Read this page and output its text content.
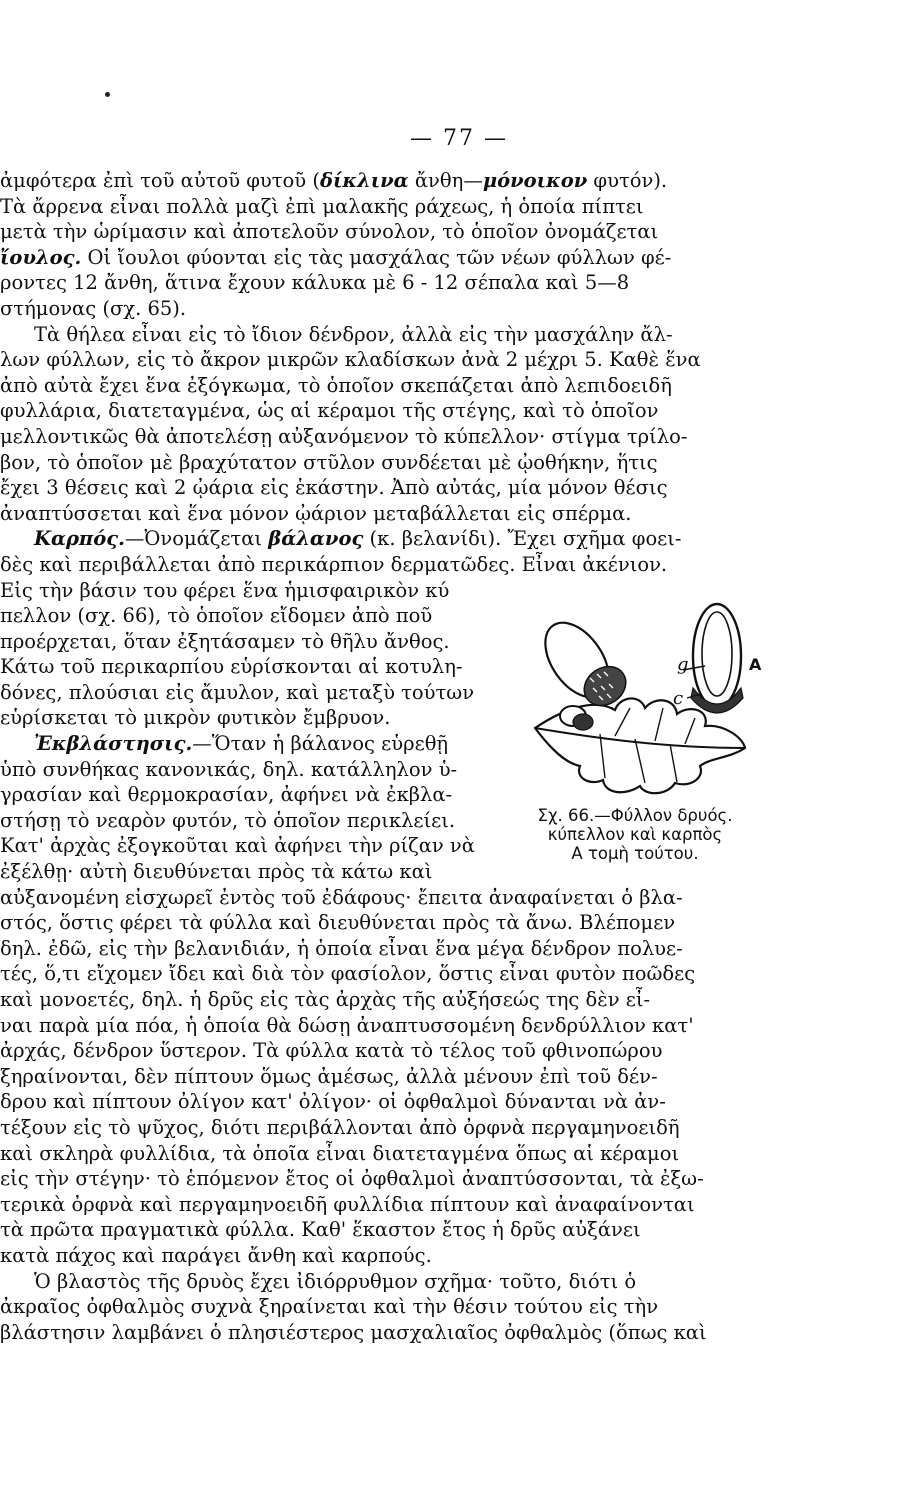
— 77 —
ἀμφότερα ἐπὶ τοῦ αὐτοῦ φυτοῦ (δίκλινα ἄνθη—μόνοικον φυτόν).
Τὰ ἄρρενα εἶναι πολλὰ μαζὶ ἐπὶ μαλακῆς ράχεως, ἡ ὁποία πίπτει
μετὰ τὴν ὡρίμασιν καὶ ἀποτελοῦν σύνολον, τὸ ὁποῖον ὀνομάζεται
ἴουλος. Οἱ ἴουλοι φύονται εἰς τὰς μασχάλας τῶν νέων φύλλων φέ-
ροντες 12 ἄνθη, ἅτινα ἔχουν κάλυκα μὲ 6 - 12 σέπαλα καὶ 5—8
στήμονας (σχ. 65).
Τὰ θήλεα εἶναι εἰς τὸ ἴδιον δένδρον, ἀλλὰ εἰς τὴν μασχάλην ἄλ-
λων φύλλων, εἰς τὸ ἄκρον μικρῶν κλαδίσκων ἀνὰ 2 μέχρι 5. Καθὲ ἕνα
ἀπὸ αὐτὰ ἔχει ἕνα ἐξόγκωμα, τὸ ὁποῖον σκεπάζεται ἀπὸ λεπιδοειδῆ
φυλλάρια, διατεταγμένα, ὡς αἱ κέραμοι τῆς στέγης, καὶ τὸ ὁποῖον
μελλοντικῶς θὰ ἀποτελέσῃ αὐξανόμενον τὸ κύπελλον· στίγμα τρίλο-
βον, τὸ ὁποῖον μὲ βραχύτατον στῦλον συνδέεται μὲ ᾠοθήκην, ἥτις
ἔχει 3 θέσεις καὶ 2 ᾠάρια εἰς ἑκάστην. Ἀπὸ αὐτάς, μία μόνον θέσις
ἀναπτύσσεται καὶ ἕνα μόνον ᾠάριον μεταβάλλεται εἰς σπέρμα.
Καρπός.—Ὀνομάζεται βάλανος (κ. βελανίδι). Ἔχει σχῆμα φοει-
δὲς καὶ περιβάλλεται ἀπὸ περικάρπιον δερματῶδες. Εἶναι ἀκένιον.
Εἰς τὴν βάσιν του φέρει ἕνα ἡμισφαιρικὸν κύ
πελλον (σχ. 66), τὸ ὁποῖον εἴδομεν ἀπὸ ποῦ
προέρχεται, ὅταν ἐξητάσαμεν τὸ θῆλυ ἄνθος.
Κάτω τοῦ περικαρπίου εὑρίσκονται αἱ κοτυλη-
δόνες, πλούσιαι εἰς ἄμυλον, καὶ μεταξὺ τούτων
εὑρίσκεται τὸ μικρὸν φυτικὸν ἔμβρυον.
Ἐκβλάστησις.—Ὅταν ἡ βάλανος εὑρεθῇ
ὑπὸ συνθήκας κανονικάς, δηλ. κατάλληλον ὑ-
γρασίαν καὶ θερμοκρασίαν, ἀφήνει νὰ ἐκβλα-
στήσῃ τὸ νεαρὸν φυτόν, τὸ ὁποῖον περικλείει.
Κατ' ἀρχὰς ἐξογκοῦται καὶ ἀφήνει τὴν ρίζαν νὰ
ἐξέλθῃ· αὐτὴ διευθύνεται πρὸς τὰ κάτω καὶ
αὐξανομένη εἰσχωρεῖ ἐντὸς τοῦ ἐδάφους· ἔπειτα ἀναφαίνεται ὁ βλα-
στός, ὅστις φέρει τὰ φύλλα καὶ διευθύνεται πρὸς τὰ ἄνω. Βλέπομεν
δηλ. ἐδῶ, εἰς τὴν βελανιδιάν, ἡ ὁποία εἶναι ἕνα μέγα δένδρον πολυε-
τές, ὅ,τι εἴχομεν ἴδει καὶ διὰ τὸν φασίολον, ὅστις εἶναι φυτὸν ποῶδες
καὶ μονοετές, δηλ. ἡ δρῦς εἰς τὰς ἀρχὰς τῆς αὐξήσεώς της δὲν εἶ-
ναι παρὰ μία πόα, ἡ ὁποία θὰ δώσῃ ἀναπτυσσομένη δενδρύλλιον κατ'
ἀρχάς, δένδρον ὕστερον. Τὰ φύλλα κατὰ τὸ τέλος τοῦ φθινοπώρου
ξηραίνονται, δὲν πίπτουν ὅμως ἀμέσως, ἀλλὰ μένουν ἐπὶ τοῦ δέν-
δρου καὶ πίπτουν ὀλίγον κατ' ὀλίγον· οἱ ὀφθαλμοὶ δύνανται νὰ ἀν-
τέξουν εἰς τὸ ψῦχος, διότι περιβάλλονται ἀπὸ ὀρφνὰ περγαμηνοειδῆ
καὶ σκληρὰ φυλλίδια, τὰ ὁποῖα εἶναι διατεταγμένα ὅπως αἱ κέραμοι
εἰς τὴν στέγην· τὸ ἑπόμενον ἔτος οἱ ὀφθαλμοὶ ἀναπτύσσονται, τὰ ἐξω-
τερικὰ ὀρφνὰ καὶ περγαμηνοειδῆ φυλλίδια πίπτουν καὶ ἀναφαίνονται
τὰ πρῶτα πραγματικὰ φύλλα. Καθ' ἕκαστον ἔτος ἡ δρῦς αὐξάνει
κατὰ πάχος καὶ παράγει ἄνθη καὶ καρπούς.
Ὁ βλαστὸς τῆς δρυὸς ἔχει ἰδιόρρυθμον σχῆμα· τοῦτο, διότι ὁ
ἀκραῖος ὀφθαλμὸς συχνὰ ξηραίνεται καὶ τὴν θέσιν τούτου εἰς τὴν
βλάστησιν λαμβάνει ὁ πλησιέστερος μασχαλιαῖος ὀφθαλμὸς (ὅπως καὶ
g
c
A
Σχ. 66.—Φύλλον δρυός.
κύπελλον καὶ καρπὸς
Α τομὴ τούτου.
